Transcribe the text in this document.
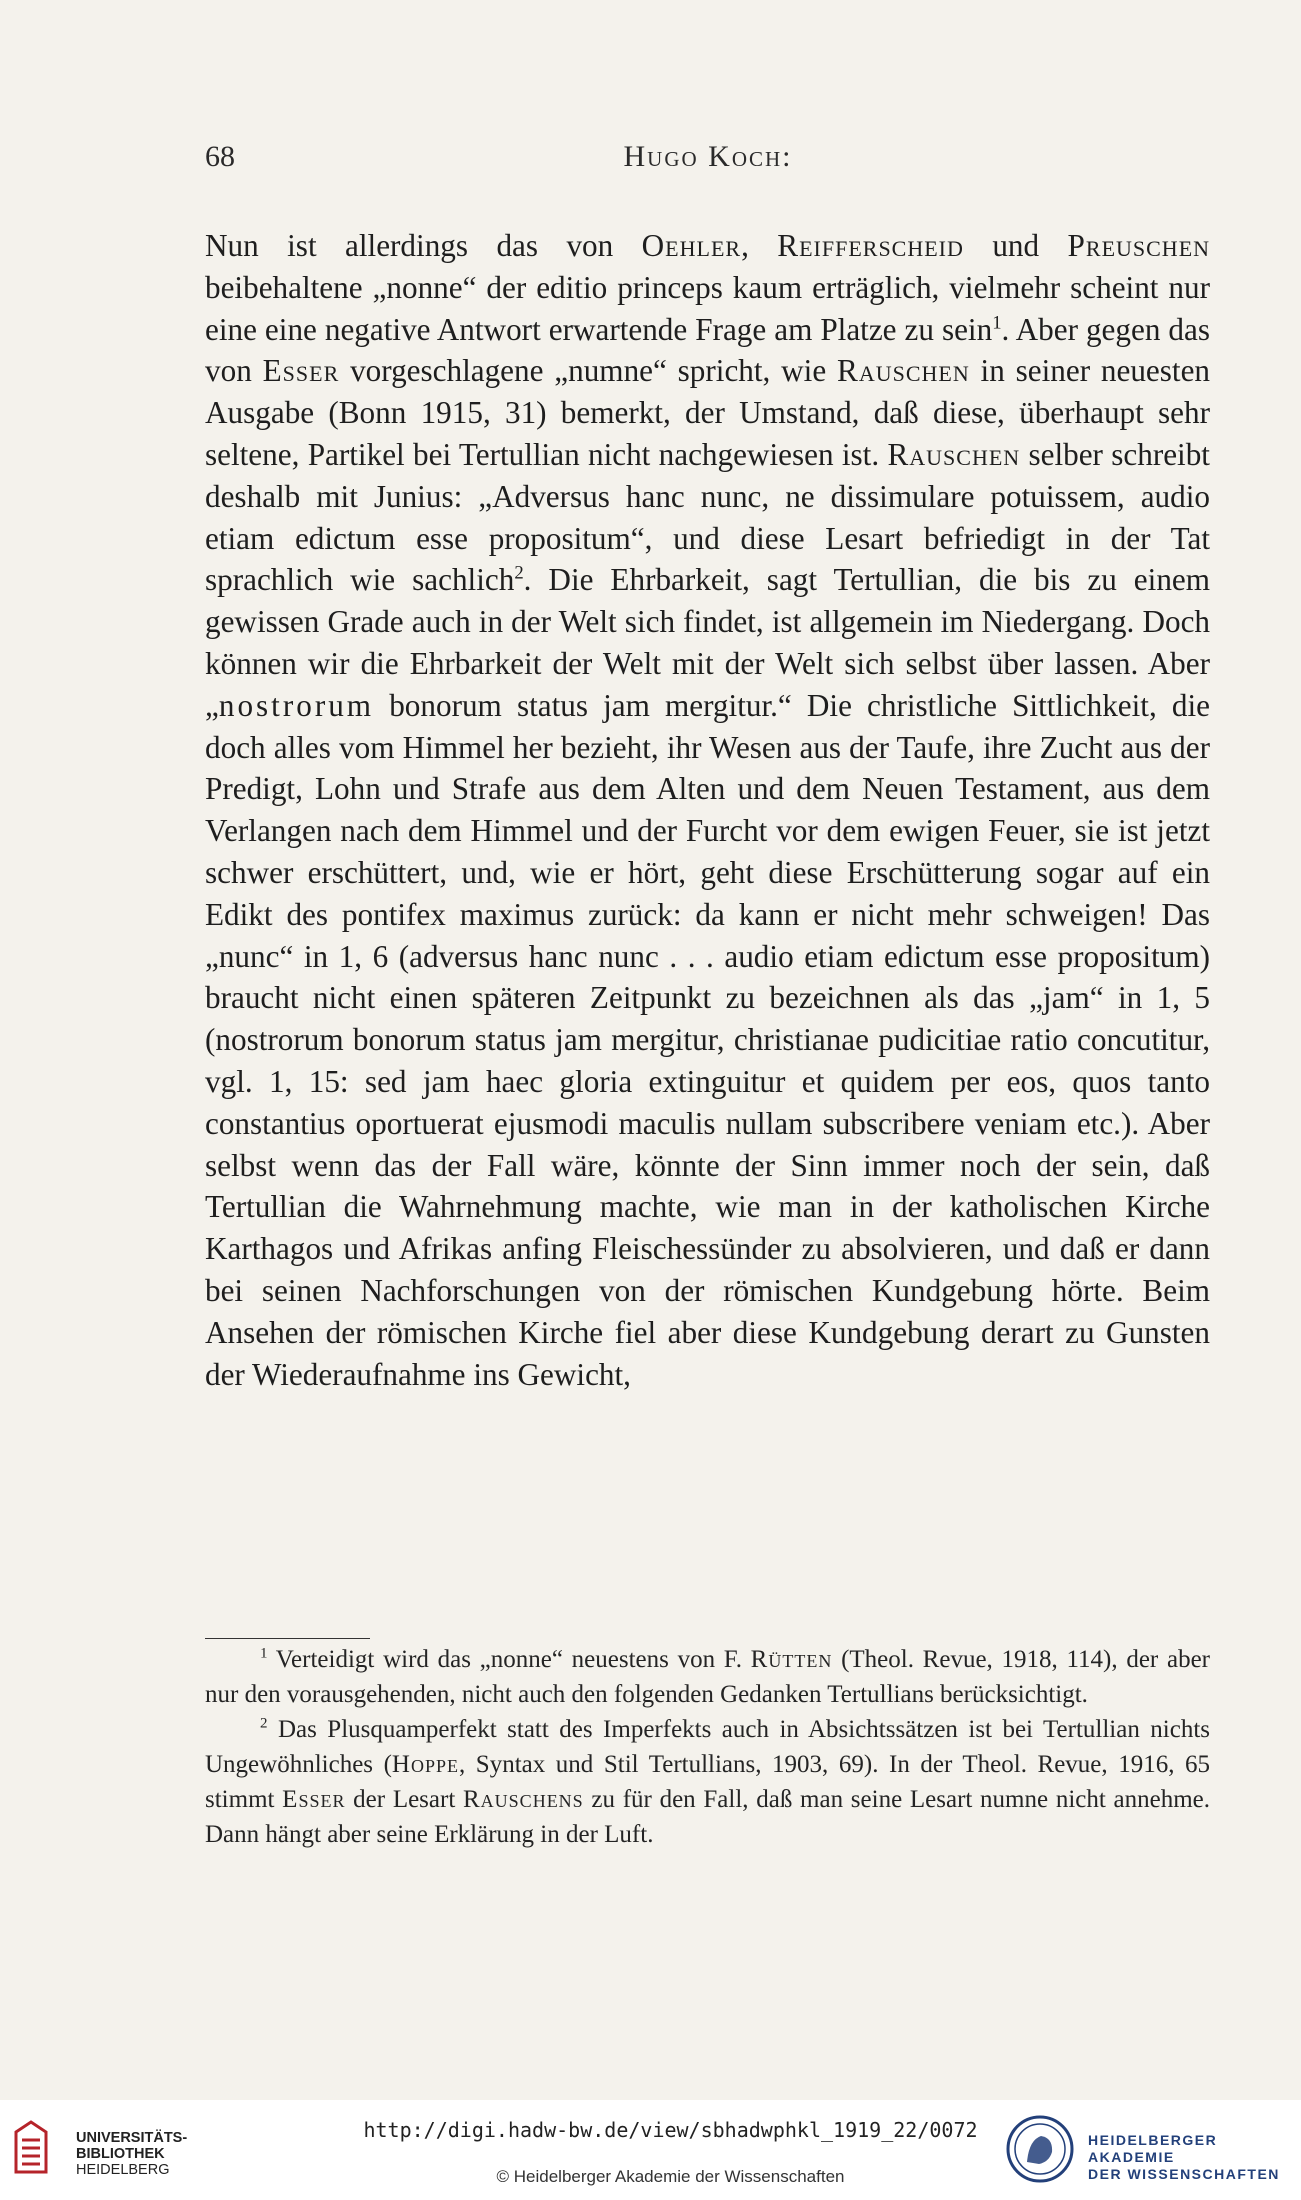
68	Hugo Koch:

Nun ist allerdings das von Oehler, Reifferscheid und Preuschen beibehaltene „nonne“ der editio princeps kaum erträglich, vielmehr scheint nur eine eine negative Antwort erwartende Frage am Platze zu sein$^1$. Aber gegen das von Esser vorgeschlagene „numne“ spricht, wie Rauschen in seiner neuesten Ausgabe (Bonn 1915, 31) bemerkt, der Umstand, daß diese, überhaupt sehr seltene, Partikel bei Tertullian nicht nachgewiesen ist. Rauschen selber schreibt deshalb mit Junius: „Adversus hanc nunc, ne dissimulare potuissem, audio etiam edictum esse propositum“, und diese Lesart befriedigt in der Tat sprachlich wie sachlich$^2$. Die Ehrbarkeit, sagt Tertullian, die bis zu einem gewissen Grade auch in der Welt sich findet, ist allgemein im Niedergang. Doch können wir die Ehrbarkeit der Welt mit der Welt sich selbst über lassen. Aber „nostrorum bonorum status jam mergitur.“ Die christliche Sittlichkeit, die doch alles vom Himmel her bezieht, ihr Wesen aus der Taufe, ihre Zucht aus der Predigt, Lohn und Strafe aus dem Alten und dem Neuen Testament, aus dem Verlangen nach dem Himmel und der Furcht vor dem ewigen Feuer, sie ist jetzt schwer erschüttert, und, wie er hört, geht diese Erschütterung sogar auf ein Edikt des pontifex maximus zurück: da kann er nicht mehr schweigen! Das „nunc“ in 1, 6 (adversus hanc nunc . . . audio etiam edictum esse propositum) braucht nicht einen späteren Zeitpunkt zu bezeichnen als das „jam“ in 1, 5 (nostrorum bonorum status jam mergitur, christianae pudicitiae ratio concutitur, vgl. 1, 15: sed jam haec gloria extinguitur et quidem per eos, quos tanto constantius oportuerat ejusmodi maculis nullam subscribere veniam etc.). Aber selbst wenn das der Fall wäre, könnte der Sinn immer noch der sein, daß Tertullian die Wahrnehmung machte, wie man in der katholischen Kirche Karthagos und Afrikas anfing Fleischessünder zu absolvieren, und daß er dann bei seinen Nachforschungen von der römischen Kundgebung hörte. Beim Ansehen der römischen Kirche fiel aber diese Kundgebung derart zu Gunsten der Wiederaufnahme ins Gewicht,

$^1$ Verteidigt wird das „nonne“ neuestens von F. Rütten (Theol. Revue, 1918, 114), der aber nur den vorausgehenden, nicht auch den folgenden Gedanken Tertullians berücksichtigt.

$^2$ Das Plusquamperfekt statt des Imperfekts auch in Absichtssätzen ist bei Tertullian nichts Ungewöhnliches (Hoppe, Syntax und Stil Tertullians, 1903, 69). In der Theol. Revue, 1916, 65 stimmt Esser der Lesart Rauschens zu für den Fall, daß man seine Lesart numne nicht annehme. Dann hängt aber seine Erklärung in der Luft.

UNIVERSITÄTS-
BIBLIOTHEK
HEIDELBERG
http://digi.hadw-bw.de/view/sbhadwphkl_1919_22/0072
© Heidelberger Akademie der Wissenschaften
HEIDELBERGER AKADEMIE
DER WISSENSCHAFTEN
